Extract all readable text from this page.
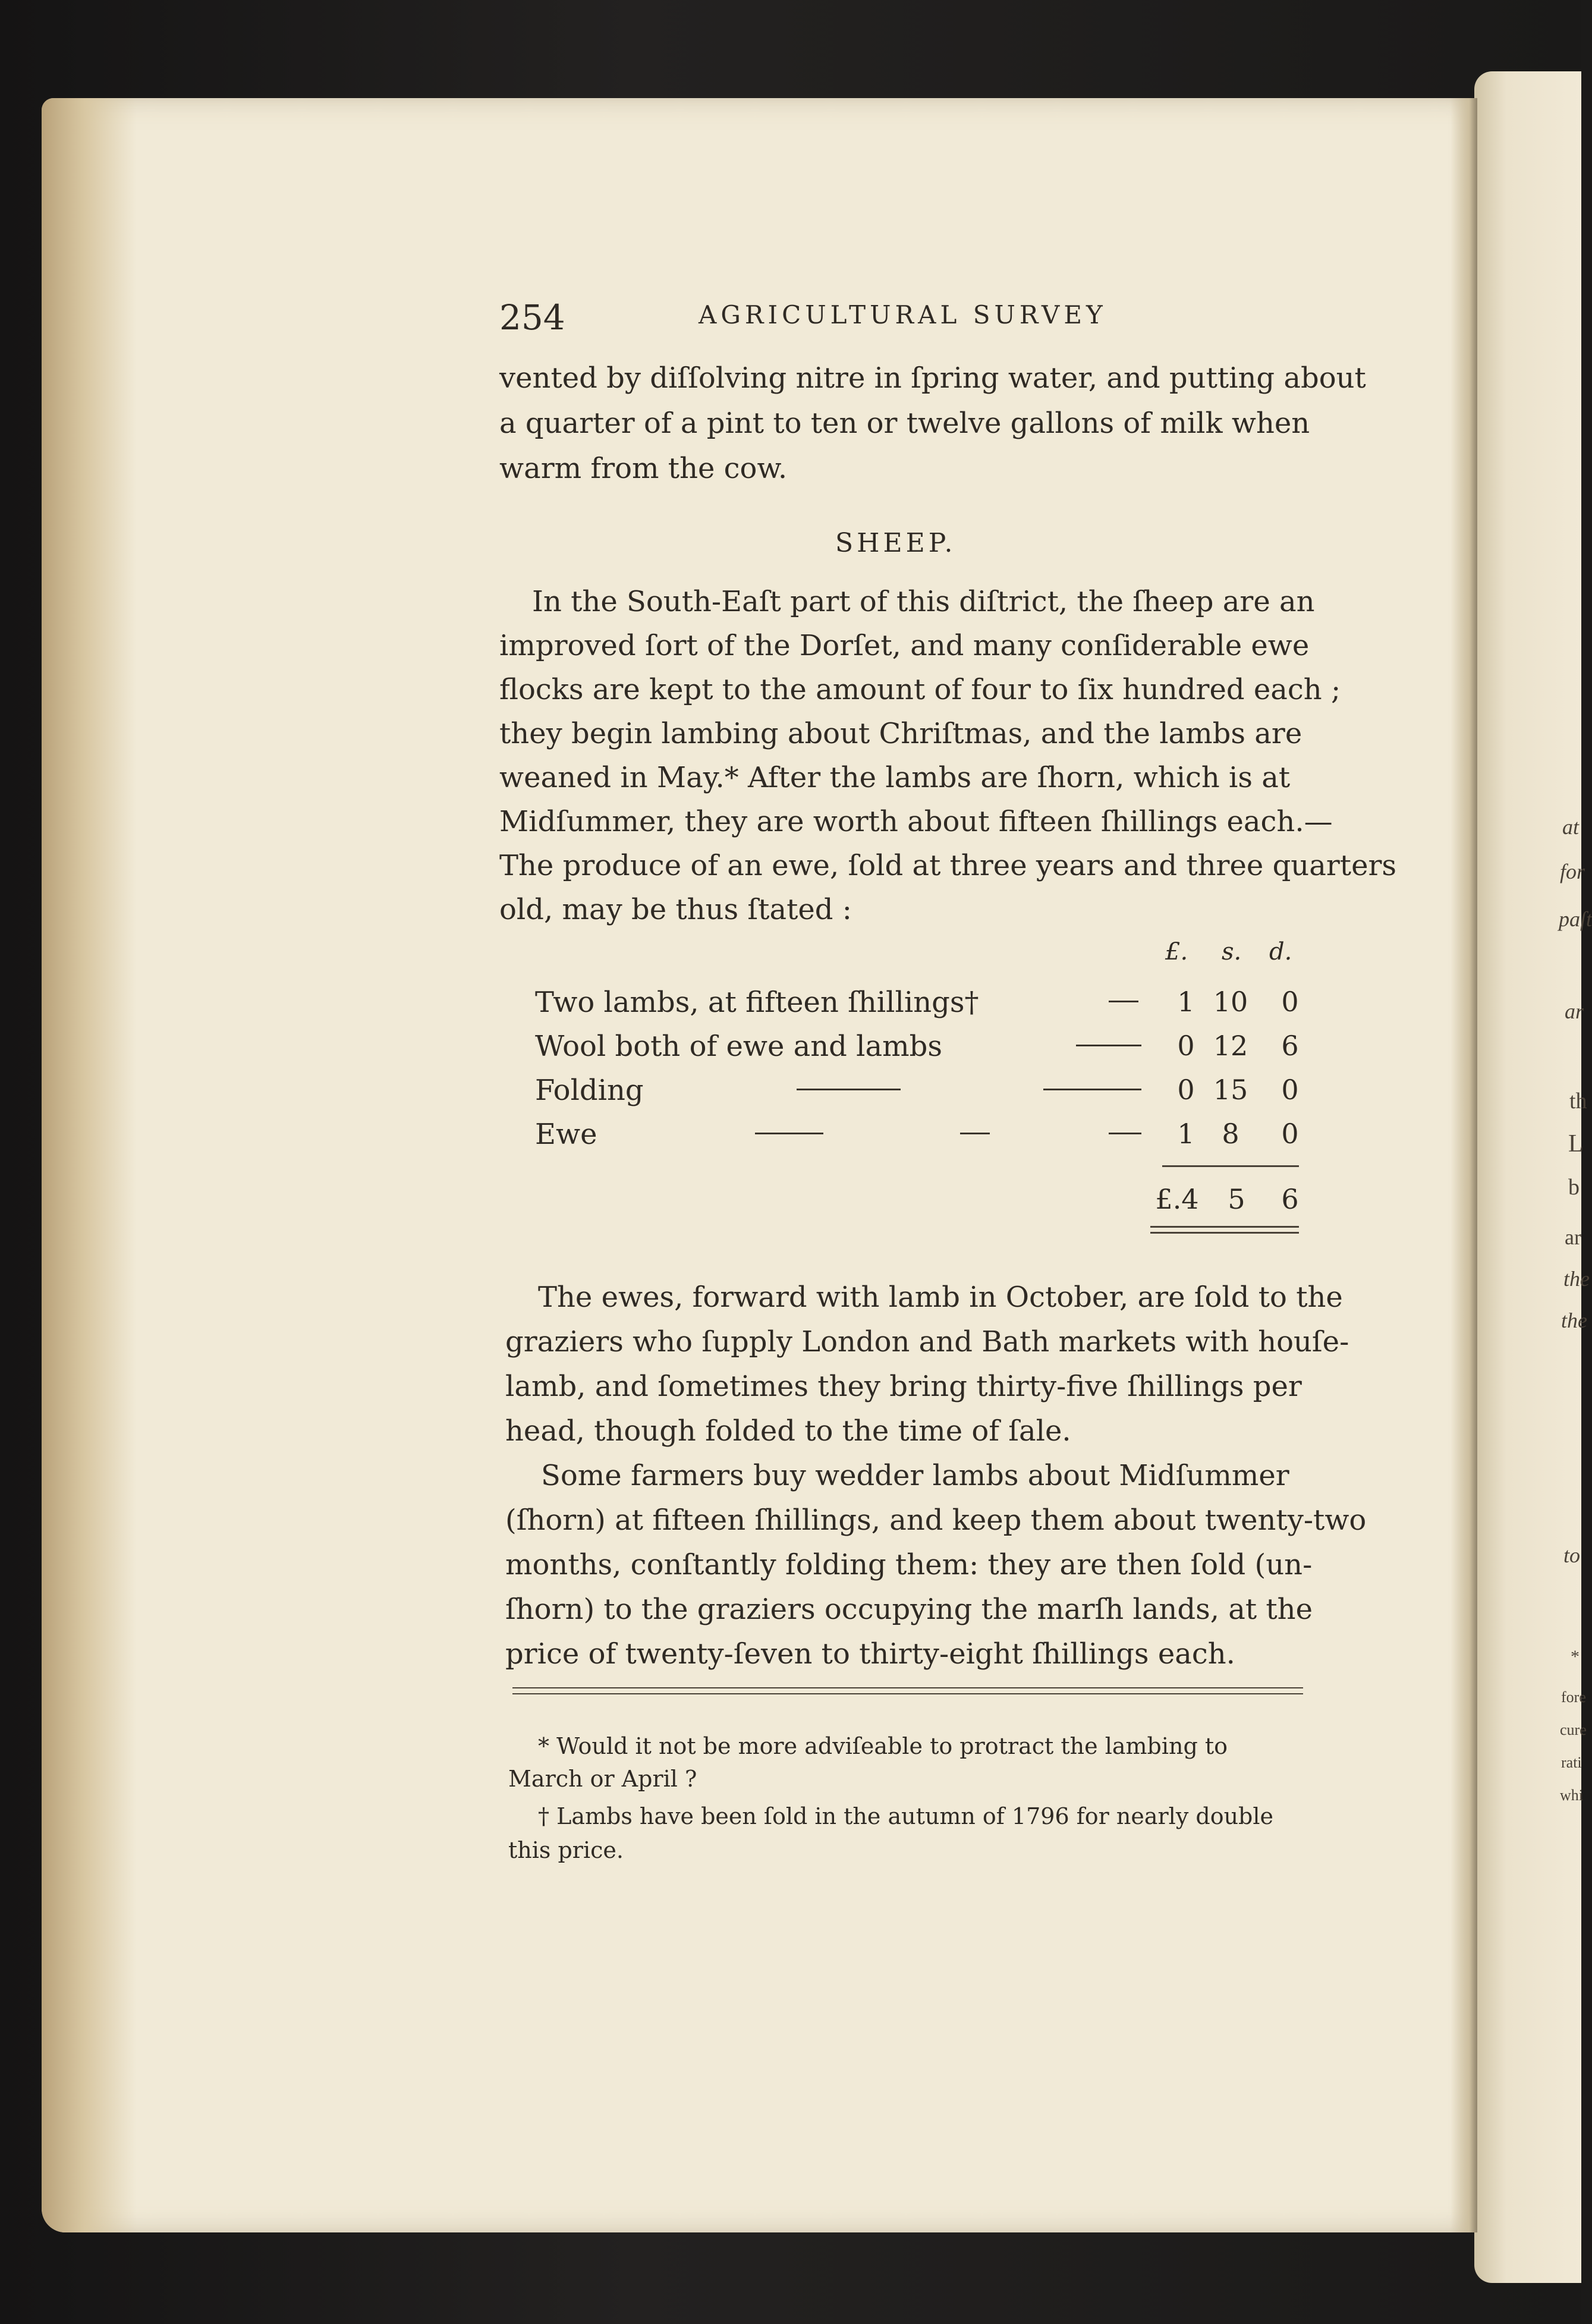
at
for
paſt
ar
th
L
b
ar
the
the
to
*
fore
cure
rati
whi
254	AGRICULTURAL SURVEY
vented by diſſolving nitre in ſpring water, and putting about
a quarter of a pint to ten or twelve gallons of milk when
warm from the cow.
SHEEP.
In the South-Eaſt part of this diſtrict, the ſheep are an
improved ſort of the Dorſet, and many conſiderable ewe
flocks are kept to the amount of four to ſix hundred each ;
they begin lambing about Chriſtmas, and the lambs are
weaned in May.* After the lambs are ſhorn, which is at
Midſummer, they are worth about fifteen ſhillings each.—
The produce of an ewe, ſold at three years and three quarters
old, may be thus ſtated :
£. s. d.
Two lambs, at fifteen ſhillings†	1 10	0
Wool both of ewe and lambs	0 12	6
Folding	0 15	0
Ewe	1 8	0
£.4	5	6
The ewes, forward with lamb in October, are ſold to the
graziers who ſupply London and Bath markets with houſe-
lamb, and ſometimes they bring thirty-five ſhillings per
head, though folded to the time of ſale.
Some farmers buy wedder lambs about Midſummer
(ſhorn) at fifteen ſhillings, and keep them about twenty-two
months, conſtantly folding them: they are then ſold (un-
ſhorn) to the graziers occupying the marſh lands, at the
price of twenty-ſeven to thirty-eight ſhillings each.
* Would it not be more adviſeable to protract the lambing to
March or April ?
† Lambs have been ſold in the autumn of 1796 for nearly double
this price.
